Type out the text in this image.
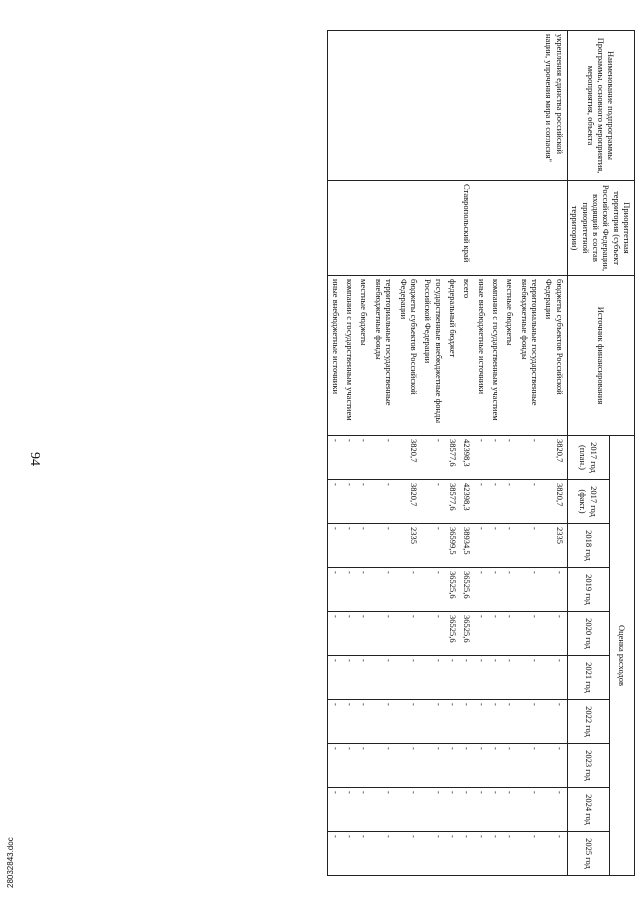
94
Наименование подпрограммы Программы, основного мероприятия, мероприятия, объекта	Приоритетная территория (субъект Российской Федерации, входящий в состав приоритетной территории)	Источник финансирования	Оценка расходов									
			2017 год (план.)	2017 год (факт.)	2018 год	2019 год	2020 год	2021 год	2022 год	2023 год	2024 год	2025 год
укрепления единства российской нации, упрочения мира и согласия"		бюджеты субъектов Российской Федерации	3820,7	3820,7	2335	-	-	-	-	-	-	-
		территориальные государственные внебюджетные фонды	-	-	-	-	-	-	-	-	-	-
		местные бюджеты	-	-	-	-	-	-	-	-	-	-
		компании с государственным участием	-	-	-	-	-	-	-	-	-	-
		иные внебюджетные источники	-	-	-	-	-	-	-	-	-	-
	Ставропольский край	всего	42398,3	42398,3	38934,5	36525,6	36525,6	-	-	-	-	-
		федеральный бюджет	38577,6	38577,6	36599,5	36525,6	36525,6	-	-	-	-	-
		государственные внебюджетные фонды Российской Федерации	-	-	-	-	-	-	-	-	-	-
		бюджеты субъектов Российской Федерации	3820,7	3820,7	2335	-	-	-	-	-	-	-
		территориальные государственные внебюджетные фонды	-	-	-	-	-	-	-	-	-	-
		местные бюджеты	-	-	-	-	-	-	-	-	-	-
		компании с государственным участием	-	-	-	-	-	-	-	-	-	-
		иные внебюджетные источники	-	-	-	-	-	-	-	-	-	-
28032843.doc
